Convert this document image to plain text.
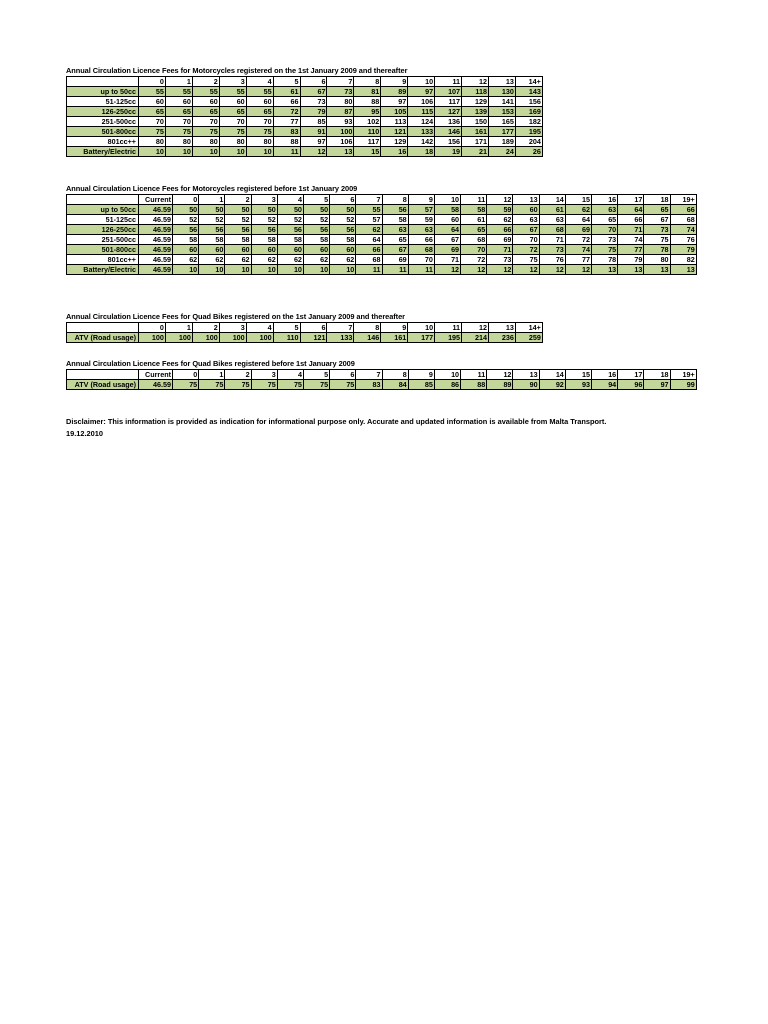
Annual Circulation Licence Fees for Motorcycles registered on the 1st January 2009 and thereafter
	0	1	2	3	4	5	6	7	8	9	10	11	12	13	14+
up to 50cc	55	55	55	55	55	61	67	73	81	89	97	107	118	130	143
51-125cc	60	60	60	60	60	66	73	80	88	97	106	117	129	141	156
126-250cc	65	65	65	65	65	72	79	87	95	105	115	127	139	153	169
251-500cc	70	70	70	70	70	77	85	93	102	113	124	136	150	165	182
501-800cc	75	75	75	75	75	83	91	100	110	121	133	146	161	177	195
801cc++	80	80	80	80	80	88	97	106	117	129	142	156	171	189	204
Battery/Electric	10	10	10	10	10	11	12	13	15	16	18	19	21	24	26
Annual Circulation Licence Fees for Motorcycles registered before 1st January 2009
	Current	0	1	2	3	4	5	6	7	8	9	10	11	12	13	14	15	16	17	18	19+
up to 50cc	46.59	50	50	50	50	50	50	50	55	56	57	58	58	59	60	61	62	63	64	65	66
51-125cc	46.59	52	52	52	52	52	52	52	57	58	59	60	61	62	63	63	64	65	66	67	68
126-250cc	46.59	56	56	56	56	56	56	56	62	63	63	64	65	66	67	68	69	70	71	73	74
251-500cc	46.59	58	58	58	58	58	58	58	64	65	66	67	68	69	70	71	72	73	74	75	76
501-800cc	46.59	60	60	60	60	60	60	60	66	67	68	69	70	71	72	73	74	75	77	78	79
801cc++	46.59	62	62	62	62	62	62	62	68	69	70	71	72	73	75	76	77	78	79	80	82
Battery/Electric	46.59	10	10	10	10	10	10	10	11	11	11	12	12	12	12	12	12	13	13	13	13
Annual Circulation Licence Fees for Quad Bikes registered on the 1st January 2009 and thereafter
	0	1	2	3	4	5	6	7	8	9	10	11	12	13	14+
ATV (Road usage)	100	100	100	100	100	110	121	133	146	161	177	195	214	236	259
Annual Circulation Licence Fees for Quad Bikes registered before 1st January 2009
	Current	0	1	2	3	4	5	6	7	8	9	10	11	12	13	14	15	16	17	18	19+
ATV (Road usage)	46.59	75	75	75	75	75	75	75	83	84	85	86	88	89	90	92	93	94	96	97	99
Disclaimer: This information is provided as indication for informational purpose only. Accurate and updated information is available from Malta Transport.
19.12.2010
